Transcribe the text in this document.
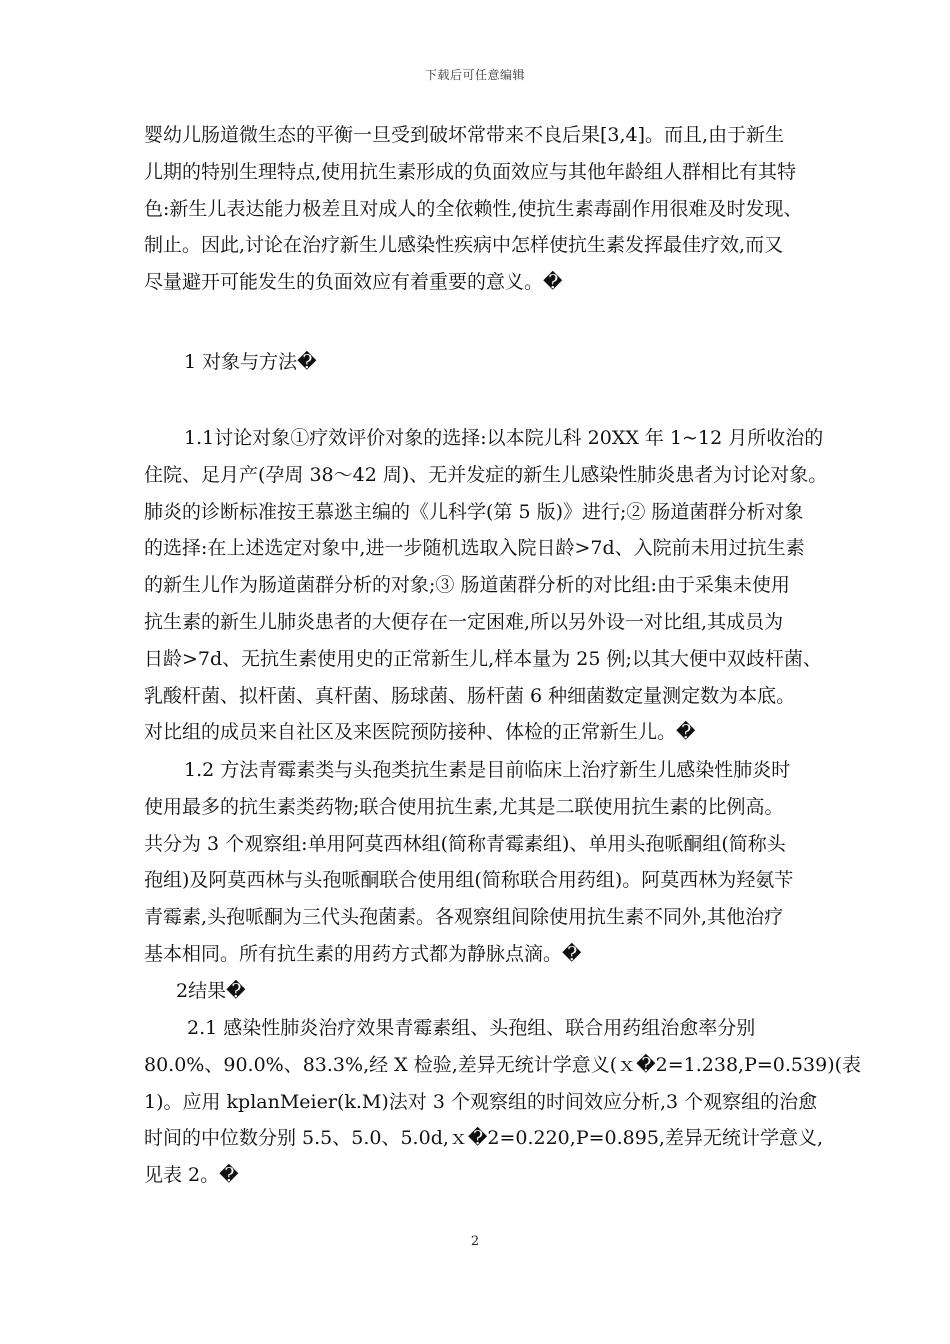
下载后可任意编辑
婴幼儿肠道微生态的平衡一旦受到破坏常带来不良后果[3,4]。而且,由于新生
儿期的特别生理特点,使用抗生素形成的负面效应与其他年龄组人群相比有其特
色:新生儿表达能力极差且对成人的全依赖性,使抗生素毒副作用很难及时发现、
制止。因此,讨论在治疗新生儿感染性疾病中怎样使抗生素发挥最佳疗效,而又
尽量避开可能发生的负面效应有着重要的意义。�
1 对象与方法�
1.1讨论对象①疗效评价对象的选择:以本院儿科 20XX 年 1~12 月所收治的
住院、足月产(孕周 38～42 周)、无并发症的新生儿感染性肺炎患者为讨论对象。
肺炎的诊断标准按王慕逖主编的《儿科学(第 5 版)》进行;② 肠道菌群分析对象
的选择:在上述选定对象中,进一步随机选取入院日龄>7d、入院前未用过抗生素
的新生儿作为肠道菌群分析的对象;③ 肠道菌群分析的对比组:由于采集未使用
抗生素的新生儿肺炎患者的大便存在一定困难,所以另外设一对比组,其成员为
日龄>7d、无抗生素使用史的正常新生儿,样本量为 25 例;以其大便中双歧杆菌、
乳酸杆菌、拟杆菌、真杆菌、肠球菌、肠杆菌 6 种细菌数定量测定数为本底。
对比组的成员来自社区及来医院预防接种、体检的正常新生儿。�
1.2 方法青霉素类与头孢类抗生素是目前临床上治疗新生儿感染性肺炎时
使用最多的抗生素类药物;联合使用抗生素,尤其是二联使用抗生素的比例高。
共分为 3 个观察组:单用阿莫西林组(简称青霉素组)、单用头孢哌酮组(简称头
孢组)及阿莫西林与头孢哌酮联合使用组(简称联合用药组)。阿莫西林为羟氨苄
青霉素,头孢哌酮为三代头孢菌素。各观察组间除使用抗生素不同外,其他治疗
基本相同。所有抗生素的用药方式都为静脉点滴。�
2结果�
2.1 感染性肺炎治疗效果青霉素组、头孢组、联合用药组治愈率分别
80.0%、90.0%、83.3%,经 X 检验,差异无统计学意义(ｘ�2=1.238,P=0.539)(表
1)。应用 kplanMeier(k.M)法对 3 个观察组的时间效应分析,3 个观察组的治愈
时间的中位数分别 5.5、5.0、5.0d,ｘ�2=0.220,P=0.895,差异无统计学意义,
见表 2。�
2
